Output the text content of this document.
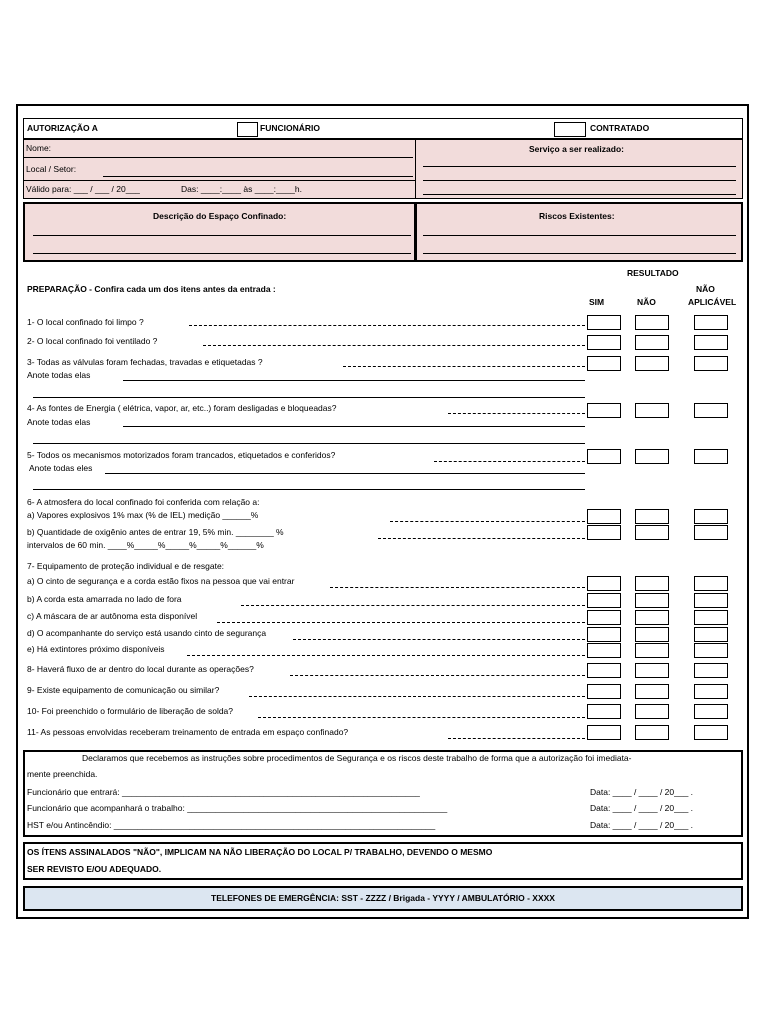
AUTORIZAÇÃO A	FUNCIONÁRIO	CONTRATADO
Nome:
Local / Setor:
Válido para: ___ / ___ / 20___	Das: ____:____ às ____:____h.
Serviço a ser realizado:
Descrição do Espaço Confinado:	Riscos Existentes:
RESULTADO
PREPARAÇÃO - Confira cada um dos itens antes da entrada :	NÃO
SIM	NÃO	APLICÁVEL
1- O local confinado foi limpo ?
2- O local confinado foi ventilado ?
3- Todas as válvulas foram fechadas, travadas e etiquetadas ?
Anote todas elas
4- As fontes de Energia ( elétrica, vapor, ar, etc..) foram desligadas e bloqueadas?
Anote todas elas
5- Todos os mecanismos motorizados foram trancados, etiquetados e conferidos?
Anote todas eles
6- A atmosfera do local confinado foi conferida com relação a:
a) Vapores explosivos 1% max (% de IEL) medição ______%
b) Quantidade de oxigênio antes de entrar 19, 5% min. ________ %
intervalos de 60 min. ____%_____%_____%_____%______%
7- Equipamento de proteção individual e de resgate:
a) O cinto de segurança e a corda estão fixos na pessoa que vai entrar
b) A corda esta amarrada no lado de fora
c) A máscara de ar autônoma esta disponível
d) O acompanhante do serviço está usando cinto de segurança
e) Há extintores próximo disponíveis
8- Haverá fluxo de ar dentro do local durante as operações?
9- Existe equipamento de comunicação ou similar?
10- Foi preenchido o formulário de liberação de solda?
11- As pessoas envolvidas receberam treinamento de entrada em espaço confinado?
Declaramos que recebemos as instruções sobre procedimentos de Segurança e os riscos deste trabalho de forma que a autorização foi imediata-
mente preenchida.
Funcionário que entrará: _______________________________________________________________	Data: ____ / ____ / 20___ .
Funcionário que acompanhará o trabalho: _______________________________________________________	Data: ____ / ____ / 20___ .
HST e/ou Antincêndio: ____________________________________________________________________	Data: ____ / ____ / 20___ .
OS ÍTENS ASSINALADOS "NÃO", IMPLICAM NA NÃO LIBERAÇÃO DO LOCAL P/ TRABALHO, DEVENDO O MESMO
SER REVISTO E/OU ADEQUADO.
TELEFONES DE EMERGÊNCIA: SST - ZZZZ / Brigada - YYYY / AMBULATÓRIO - XXXX
